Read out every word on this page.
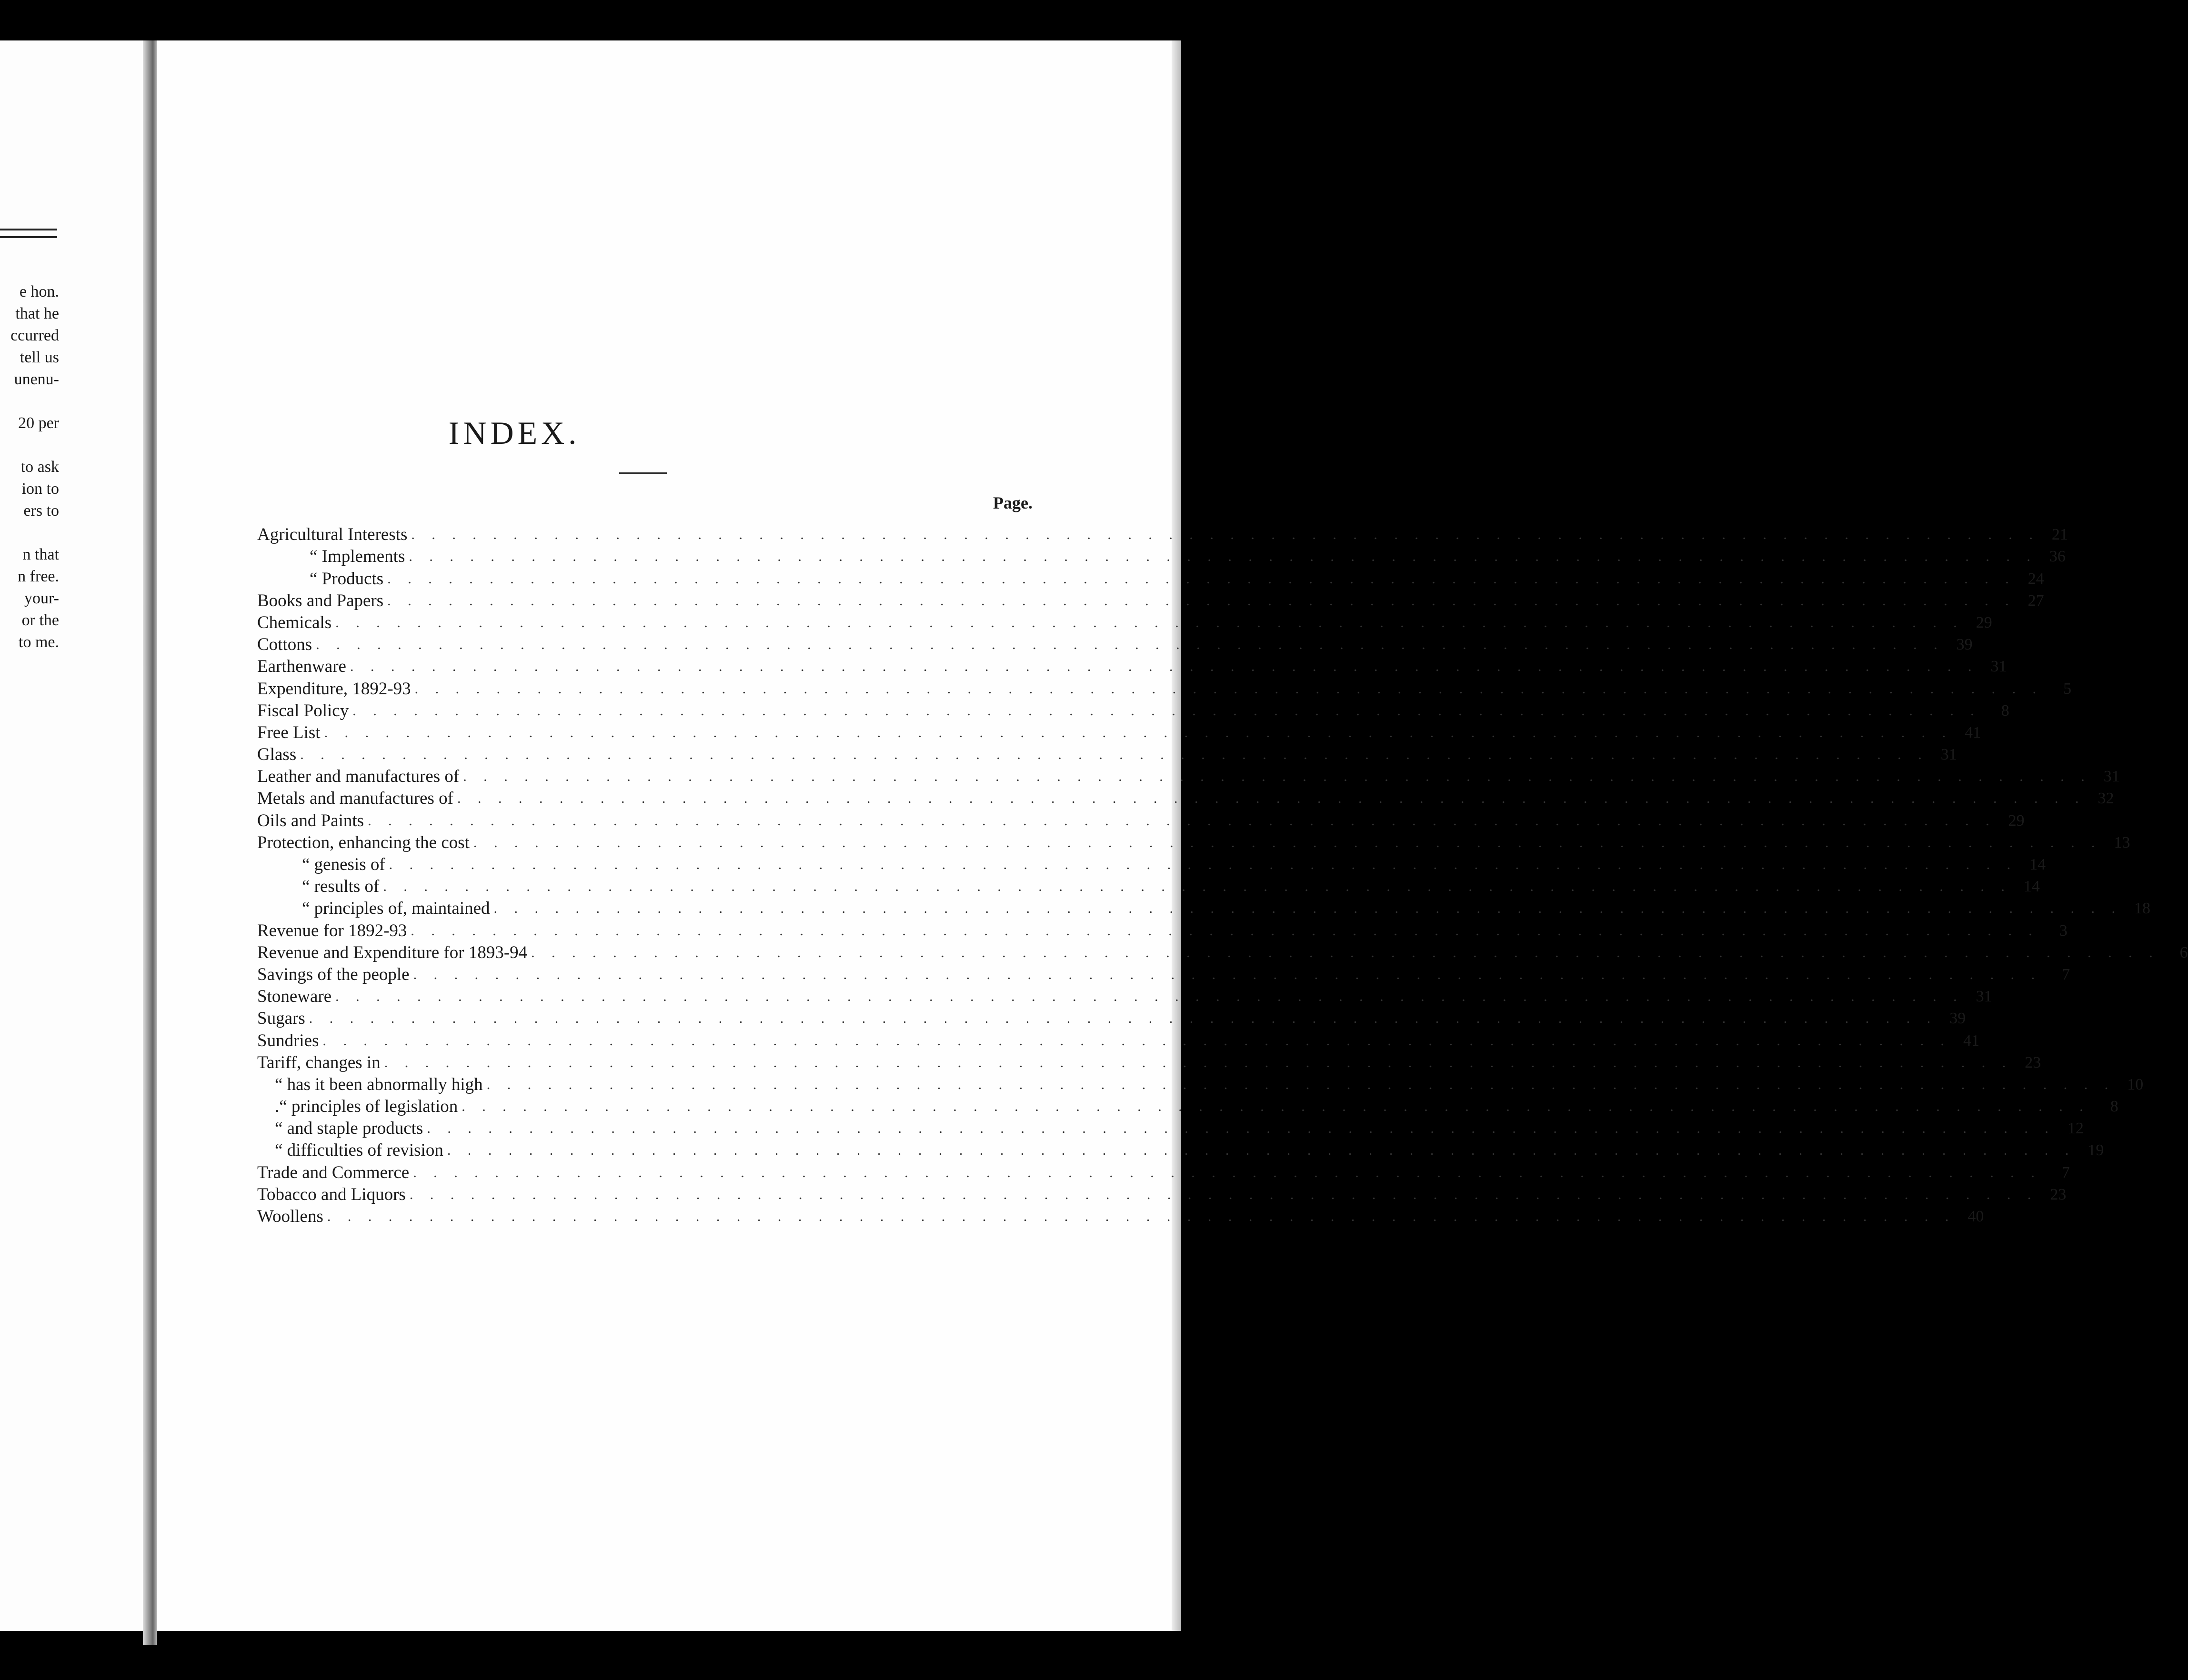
e hon.
that he
ccurred
tell us
unenu-

20 per

to ask
ion to
ers to

n that
n free.
your-
or the
to me.
INDEX.
Page.
Agricultural Interests . . . . . . . . . . . . . . . . . . . . . . . . . . . . . . . . . . . . . . . . . . . . . . . . . . . . . . . . . . . . . . . . . . . . . . . . . . . . . . . . 21
“ Implements . . . . . . . . . . . . . . . . . . . . . . . . . . . . . . . . . . . . . . . . . . . . . . . . . . . . . . . . . . . . . . . . . . . . . . . . . . . . . . . . 36
“ Products . . . . . . . . . . . . . . . . . . . . . . . . . . . . . . . . . . . . . . . . . . . . . . . . . . . . . . . . . . . . . . . . . . . . . . . . . . . . . . . . 24
Books and Papers . . . . . . . . . . . . . . . . . . . . . . . . . . . . . . . . . . . . . . . . . . . . . . . . . . . . . . . . . . . . . . . . . . . . . . . . . . . . . . . . 27
Chemicals . . . . . . . . . . . . . . . . . . . . . . . . . . . . . . . . . . . . . . . . . . . . . . . . . . . . . . . . . . . . . . . . . . . . . . . . . . . . . . . . 29
Cottons . . . . . . . . . . . . . . . . . . . . . . . . . . . . . . . . . . . . . . . . . . . . . . . . . . . . . . . . . . . . . . . . . . . . . . . . . . . . . . . . 39
Earthenware . . . . . . . . . . . . . . . . . . . . . . . . . . . . . . . . . . . . . . . . . . . . . . . . . . . . . . . . . . . . . . . . . . . . . . . . . . . . . . . . 31
Expenditure, 1892-93 . . . . . . . . . . . . . . . . . . . . . . . . . . . . . . . . . . . . . . . . . . . . . . . . . . . . . . . . . . . . . . . . . . . . . . . . . . . . . . . .	5
Fiscal Policy . . . . . . . . . . . . . . . . . . . . . . . . . . . . . . . . . . . . . . . . . . . . . . . . . . . . . . . . . . . . . . . . . . . . . . . . . . . . . . . .	8
Free List . . . . . . . . . . . . . . . . . . . . . . . . . . . . . . . . . . . . . . . . . . . . . . . . . . . . . . . . . . . . . . . . . . . . . . . . . . . . . . . . 41
Glass . . . . . . . . . . . . . . . . . . . . . . . . . . . . . . . . . . . . . . . . . . . . . . . . . . . . . . . . . . . . . . . . . . . . . . . . . . . . . . . . 31
Leather and manufactures of . . . . . . . . . . . . . . . . . . . . . . . . . . . . . . . . . . . . . . . . . . . . . . . . . . . . . . . . . . . . . . . . . . . . . . . . . . . . . . . . 31
Metals and manufactures of . . . . . . . . . . . . . . . . . . . . . . . . . . . . . . . . . . . . . . . . . . . . . . . . . . . . . . . . . . . . . . . . . . . . . . . . . . . . . . . . 32
Oils and Paints . . . . . . . . . . . . . . . . . . . . . . . . . . . . . . . . . . . . . . . . . . . . . . . . . . . . . . . . . . . . . . . . . . . . . . . . . . . . . . . . 29
Protection, enhancing the cost . . . . . . . . . . . . . . . . . . . . . . . . . . . . . . . . . . . . . . . . . . . . . . . . . . . . . . . . . . . . . . . . . . . . . . . . . . . . . . . . 13
“ genesis of . . . . . . . . . . . . . . . . . . . . . . . . . . . . . . . . . . . . . . . . . . . . . . . . . . . . . . . . . . . . . . . . . . . . . . . . . . . . . . . . 14
“ results of . . . . . . . . . . . . . . . . . . . . . . . . . . . . . . . . . . . . . . . . . . . . . . . . . . . . . . . . . . . . . . . . . . . . . . . . . . . . . . . . 14
“ principles of, maintained . . . . . . . . . . . . . . . . . . . . . . . . . . . . . . . . . . . . . . . . . . . . . . . . . . . . . . . . . . . . . . . . . . . . . . . . . . . . . . . . 18
Revenue for 1892-93 . . . . . . . . . . . . . . . . . . . . . . . . . . . . . . . . . . . . . . . . . . . . . . . . . . . . . . . . . . . . . . . . . . . . . . . . . . . . . . . .	3
Revenue and Expenditure for 1893-94 . . . . . . . . . . . . . . . . . . . . . . . . . . . . . . . . . . . . . . . . . . . . . . . . . . . . . . . . . . . . . . . . . . . . . . . . . . . . . . . .	6
Savings of the people . . . . . . . . . . . . . . . . . . . . . . . . . . . . . . . . . . . . . . . . . . . . . . . . . . . . . . . . . . . . . . . . . . . . . . . . . . . . . . . .	7
Stoneware . . . . . . . . . . . . . . . . . . . . . . . . . . . . . . . . . . . . . . . . . . . . . . . . . . . . . . . . . . . . . . . . . . . . . . . . . . . . . . . . 31
Sugars . . . . . . . . . . . . . . . . . . . . . . . . . . . . . . . . . . . . . . . . . . . . . . . . . . . . . . . . . . . . . . . . . . . . . . . . . . . . . . . . 39
Sundries . . . . . . . . . . . . . . . . . . . . . . . . . . . . . . . . . . . . . . . . . . . . . . . . . . . . . . . . . . . . . . . . . . . . . . . . . . . . . . . . 41
Tariff, changes in . . . . . . . . . . . . . . . . . . . . . . . . . . . . . . . . . . . . . . . . . . . . . . . . . . . . . . . . . . . . . . . . . . . . . . . . . . . . . . . . 23
“ has it been abnormally high . . . . . . . . . . . . . . . . . . . . . . . . . . . . . . . . . . . . . . . . . . . . . . . . . . . . . . . . . . . . . . . . . . . . . . . . . . . . . . . . 10
.“ principles of legislation . . . . . . . . . . . . . . . . . . . . . . . . . . . . . . . . . . . . . . . . . . . . . . . . . . . . . . . . . . . . . . . . . . . . . . . . . . . . . . . .	8
“ and staple products . . . . . . . . . . . . . . . . . . . . . . . . . . . . . . . . . . . . . . . . . . . . . . . . . . . . . . . . . . . . . . . . . . . . . . . . . . . . . . . . 12
“ difficulties of revision . . . . . . . . . . . . . . . . . . . . . . . . . . . . . . . . . . . . . . . . . . . . . . . . . . . . . . . . . . . . . . . . . . . . . . . . . . . . . . . . 19
Trade and Commerce . . . . . . . . . . . . . . . . . . . . . . . . . . . . . . . . . . . . . . . . . . . . . . . . . . . . . . . . . . . . . . . . . . . . . . . . . . . . . . . .	7
Tobacco and Liquors . . . . . . . . . . . . . . . . . . . . . . . . . . . . . . . . . . . . . . . . . . . . . . . . . . . . . . . . . . . . . . . . . . . . . . . . . . . . . . . . 23
Woollens . . . . . . . . . . . . . . . . . . . . . . . . . . . . . . . . . . . . . . . . . . . . . . . . . . . . . . . . . . . . . . . . . . . . . . . . . . . . . . . . 40
